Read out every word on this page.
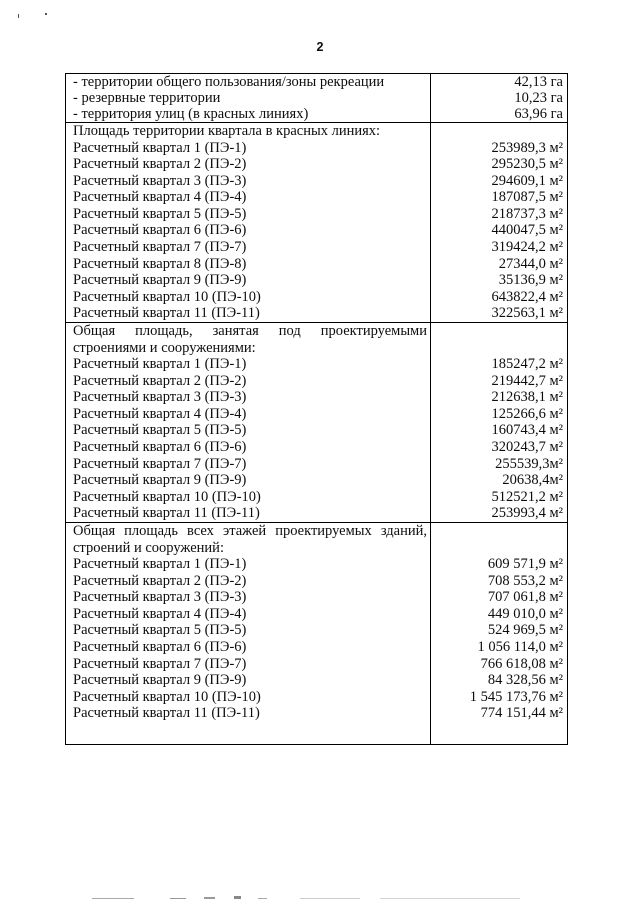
2
- территории общего пользования/зоны рекреации	42,13 га
- резервные территории	10,23 га
- территория улиц (в красных линиях)	63,96 га
Площадь территории квартала в красных линиях:
Расчетный квартал 1 (ПЭ-1)	253989,3 м²
Расчетный квартал 2 (ПЭ-2)	295230,5 м²
Расчетный квартал 3 (ПЭ-3)	294609,1 м²
Расчетный квартал 4 (ПЭ-4)	187087,5 м²
Расчетный квартал 5 (ПЭ-5)	218737,3 м²
Расчетный квартал 6 (ПЭ-6)	440047,5 м²
Расчетный квартал 7 (ПЭ-7)	319424,2 м²
Расчетный квартал 8 (ПЭ-8)	27344,0 м²
Расчетный квартал 9 (ПЭ-9)	35136,9 м²
Расчетный квартал 10 (ПЭ-10)	643822,4 м²
Расчетный квартал 11 (ПЭ-11)	322563,1 м²
Общая площадь, занятая под проектируемыми
строениями и сооружениями:
Расчетный квартал 1 (ПЭ-1)	185247,2 м²
Расчетный квартал 2 (ПЭ-2)	219442,7 м²
Расчетный квартал 3 (ПЭ-3)	212638,1 м²
Расчетный квартал 4 (ПЭ-4)	125266,6 м²
Расчетный квартал 5 (ПЭ-5)	160743,4 м²
Расчетный квартал 6 (ПЭ-6)	320243,7 м²
Расчетный квартал 7 (ПЭ-7)	255539,3м²
Расчетный квартал 9 (ПЭ-9)	20638,4м²
Расчетный квартал 10 (ПЭ-10)	512521,2 м²
Расчетный квартал 11 (ПЭ-11)	253993,4 м²
Общая площадь всех этажей проектируемых зданий,
строений и сооружений:
Расчетный квартал 1 (ПЭ-1)	609 571,9 м²
Расчетный квартал 2 (ПЭ-2)	708 553,2 м²
Расчетный квартал 3 (ПЭ-3)	707 061,8 м²
Расчетный квартал 4 (ПЭ-4)	449 010,0 м²
Расчетный квартал 5 (ПЭ-5)	524 969,5 м²
Расчетный квартал 6 (ПЭ-6)	1 056 114,0 м²
Расчетный квартал 7 (ПЭ-7)	766 618,08 м²
Расчетный квартал 9 (ПЭ-9)	84 328,56 м²
Расчетный квартал 10 (ПЭ-10)	1 545 173,76 м²
Расчетный квартал 11 (ПЭ-11)	774 151,44 м²
